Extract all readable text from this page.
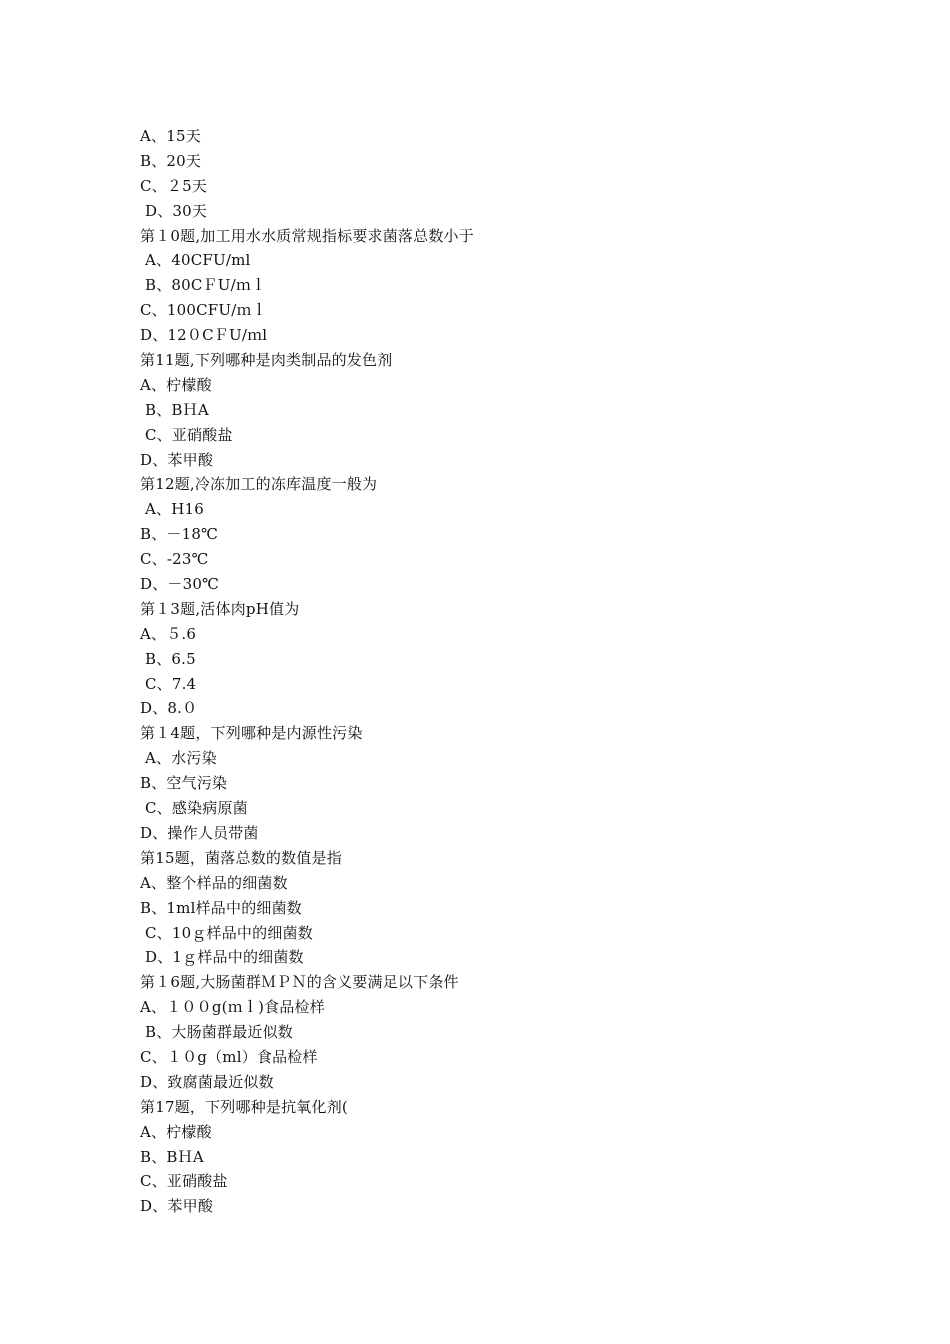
A、15天
B、20天
C、２5天
D、30天
第１0题,加工用水水质常规指标要求菌落总数小于
A、40CFU/ml
B、80CＦU/ｍｌ
C、100CFU/ｍｌ
D、12０CＦU/ｍl
第11题,下列哪种是肉类制品的发色剂
A、柠檬酸
B、BＨA
C、亚硝酸盐
D、苯甲酸
第12题,冷冻加工的冻库温度一般为
A、H16
B、－18℃
C、-23℃
D、－30℃
第１3题,活体肉pH值为
A、５.6
B、6.5
C、7.4
D、8.０
第１4题，下列哪种是内源性污染
A、水污染
B、空气污染
C、感染病原菌
D、操作人员带菌
第15题，菌落总数的数值是指
A、整个样品的细菌数
B、1ml样品中的细菌数
C、10ｇ样品中的细菌数
D、1ｇ样品中的细菌数
第１6题,大肠菌群ＭＰＮ的含义要满足以下条件
A、１００g(ｍｌ)食品检样
B、大肠菌群最近似数
C、１０g（ml）食品检样
D、致腐菌最近似数
第17题，下列哪种是抗氧化剂(
A、柠檬酸
B、BＨA
C、亚硝酸盐
D、苯甲酸
